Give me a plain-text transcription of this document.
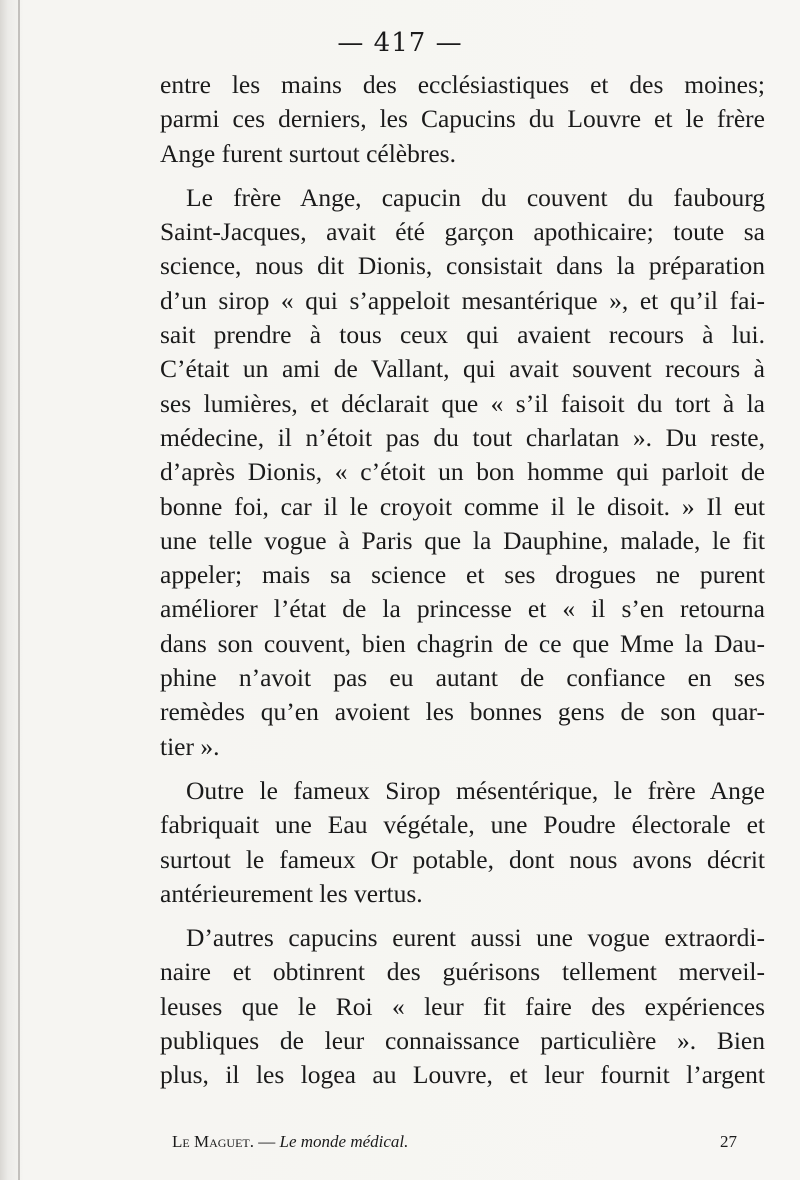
— 417 —
entre les mains des ecclésiastiques et des moines;
parmi ces derniers, les Capucins du Louvre et le frère
Ange furent surtout célèbres.
Le frère Ange, capucin du couvent du faubourg
Saint-Jacques, avait été garçon apothicaire; toute sa
science, nous dit Dionis, consistait dans la préparation
d’un sirop « qui s’appeloit mesantérique », et qu’il fai-
sait prendre à tous ceux qui avaient recours à lui.
C’était un ami de Vallant, qui avait souvent recours à
ses lumières, et déclarait que « s’il faisoit du tort à la
médecine, il n’étoit pas du tout charlatan ». Du reste,
d’après Dionis, « c’étoit un bon homme qui parloit de
bonne foi, car il le croyoit comme il le disoit. » Il eut
une telle vogue à Paris que la Dauphine, malade, le fit
appeler; mais sa science et ses drogues ne purent
améliorer l’état de la princesse et « il s’en retourna
dans son couvent, bien chagrin de ce que Mme la Dau-
phine n’avoit pas eu autant de confiance en ses
remèdes qu’en avoient les bonnes gens de son quar-
tier ».
Outre le fameux Sirop mésentérique, le frère Ange
fabriquait une Eau végétale, une Poudre électorale et
surtout le fameux Or potable, dont nous avons décrit
antérieurement les vertus.
D’autres capucins eurent aussi une vogue extraordi-
naire et obtinrent des guérisons tellement merveil-
leuses que le Roi « leur fit faire des expériences
publiques de leur connaissance particulière ». Bien
plus, il les logea au Louvre, et leur fournit l’argent
Le Maguet. — Le monde médical.	27
